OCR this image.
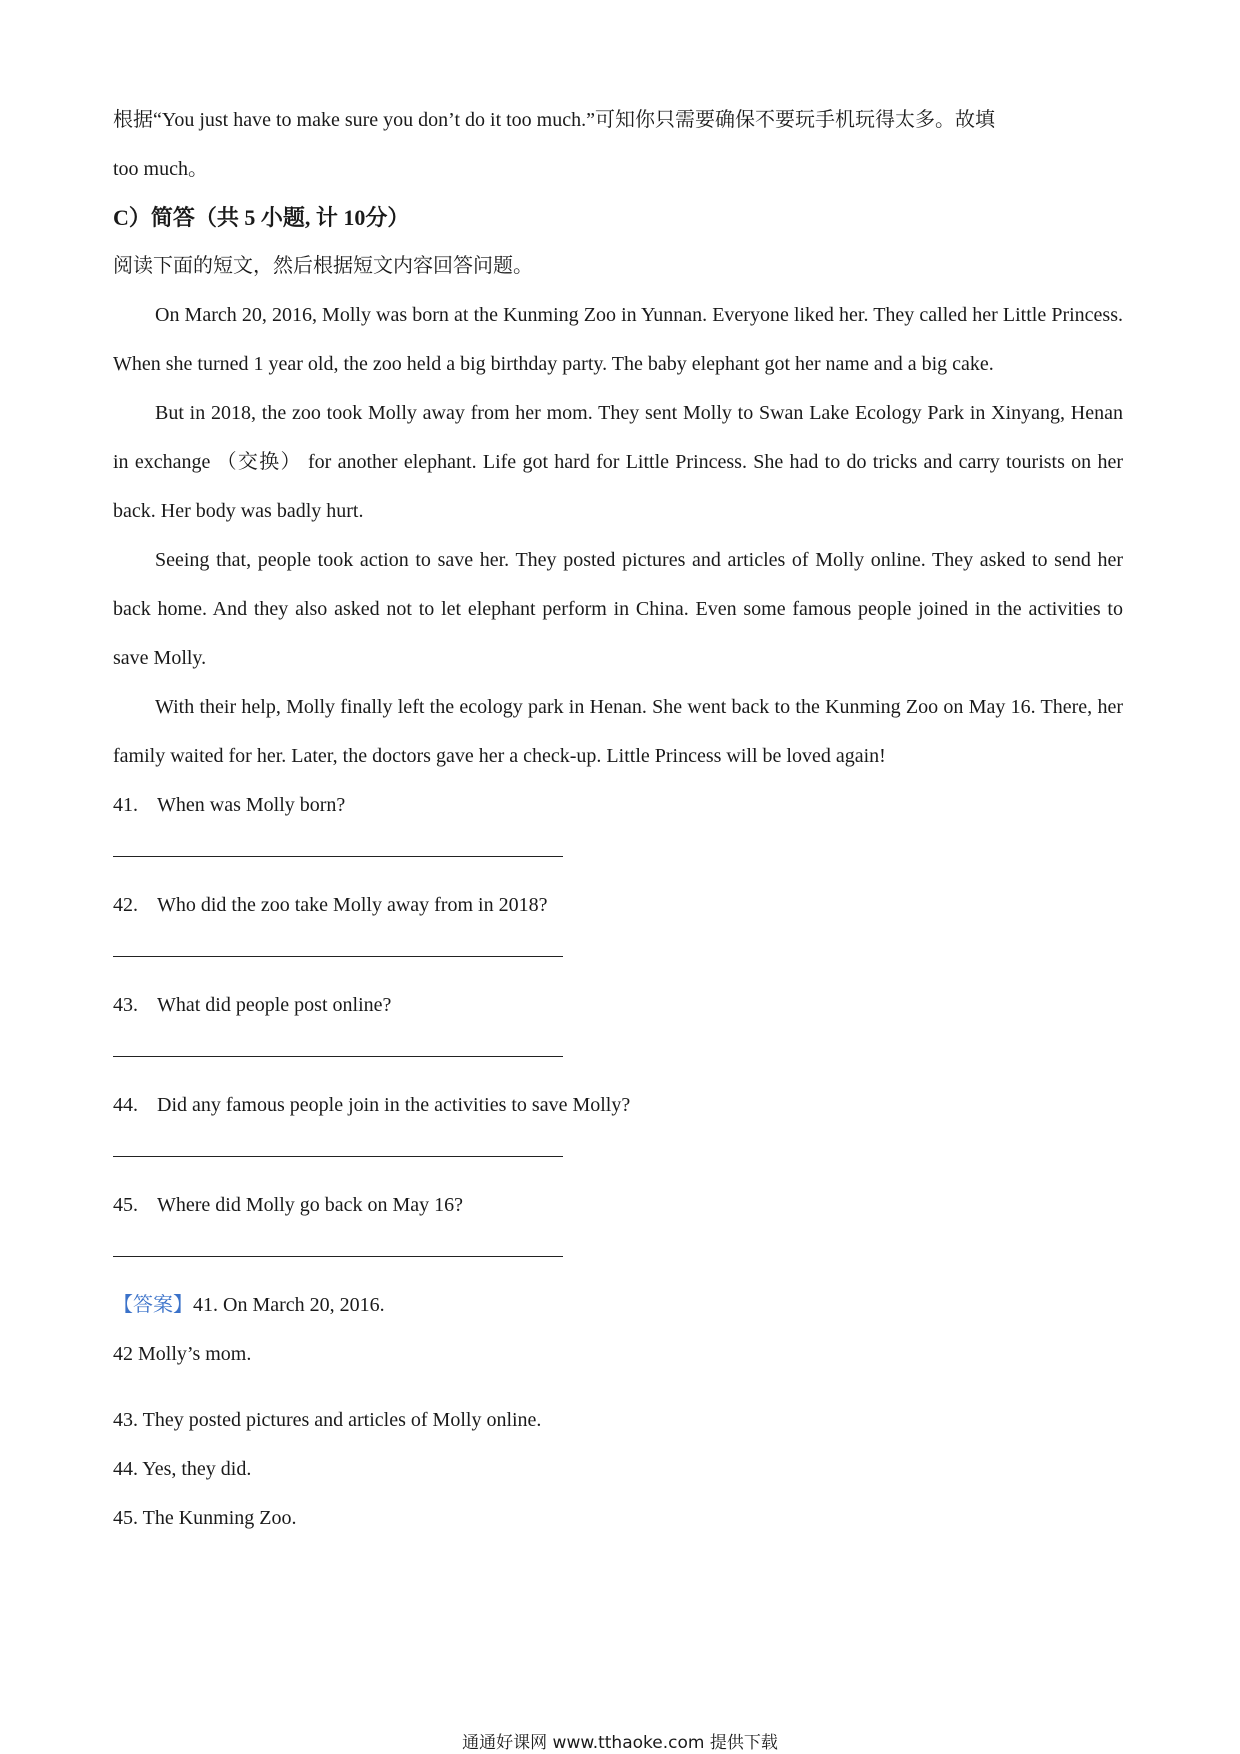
根据“You just have to make sure you don’t do it too much.”可知你只需要确保不要玩手机玩得太多。故填
too much。
C）简答（共 5 小题, 计 10分）
阅读下面的短文，然后根据短文内容回答问题。
On March 20, 2016, Molly was born at the Kunming Zoo in Yunnan. Everyone liked her. They called her Little Princess. When she turned 1 year old, the zoo held a big birthday party. The baby elephant got her name and a big cake.
But in 2018, the zoo took Molly away from her mom. They sent Molly to Swan Lake Ecology Park in Xinyang, Henan in exchange （交换） for another elephant. Life got hard for Little Princess. She had to do tricks and carry tourists on her back. Her body was badly hurt.
Seeing that, people took action to save her. They posted pictures and articles of Molly online. They asked to send her back home. And they also asked not to let elephant perform in China. Even some famous people joined in the activities to save Molly.
With their help, Molly finally left the ecology park in Henan. She went back to the Kunming Zoo on May 16. There, her family waited for her. Later, the doctors gave her a check-up. Little Princess will be loved again!
41. When was Molly born?
42. Who did the zoo take Molly away from in 2018?
43. What did people post online?
44. Did any famous people join in the activities to save Molly?
45. Where did Molly go back on May 16?
【答案】41. On March 20, 2016.
42 Molly’s mom.
43. They posted pictures and articles of Molly online.
44. Yes, they did.
45. The Kunming Zoo.
通通好课网 www.tthaoke.com 提供下载
